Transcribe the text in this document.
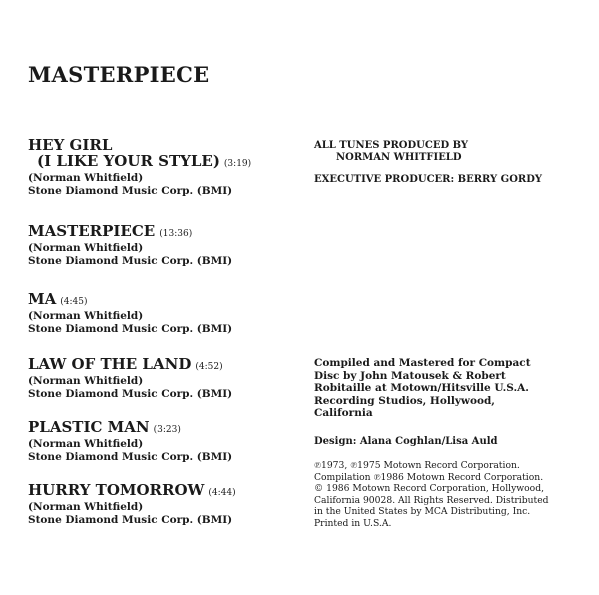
MASTERPIECE
HEY GIRL
(I LIKE YOUR STYLE) (3:19)
(Norman Whitfield)
Stone Diamond Music Corp. (BMI)
MASTERPIECE (13:36)
(Norman Whitfield)
Stone Diamond Music Corp. (BMI)
MA (4:45)
(Norman Whitfield)
Stone Diamond Music Corp. (BMI)
LAW OF THE LAND (4:52)
(Norman Whitfield)
Stone Diamond Music Corp. (BMI)
PLASTIC MAN (3:23)
(Norman Whitfield)
Stone Diamond Music Corp. (BMI)
HURRY TOMORROW (4:44)
(Norman Whitfield)
Stone Diamond Music Corp. (BMI)
ALL TUNES PRODUCED BY
NORMAN WHITFIELD
EXECUTIVE PRODUCER: BERRY GORDY
Compiled and Mastered for Compact
Disc by John Matousek & Robert
Robitaille at Motown/Hitsville U.S.A.
Recording Studios, Hollywood,
California
Design: Alana Coghlan/Lisa Auld
℗1973, ℗1975 Motown Record Corporation.
Compilation ℗1986 Motown Record Corporation.
© 1986 Motown Record Corporation, Hollywood,
California 90028. All Rights Reserved. Distributed
in the United States by MCA Distributing, Inc.
Printed in U.S.A.
